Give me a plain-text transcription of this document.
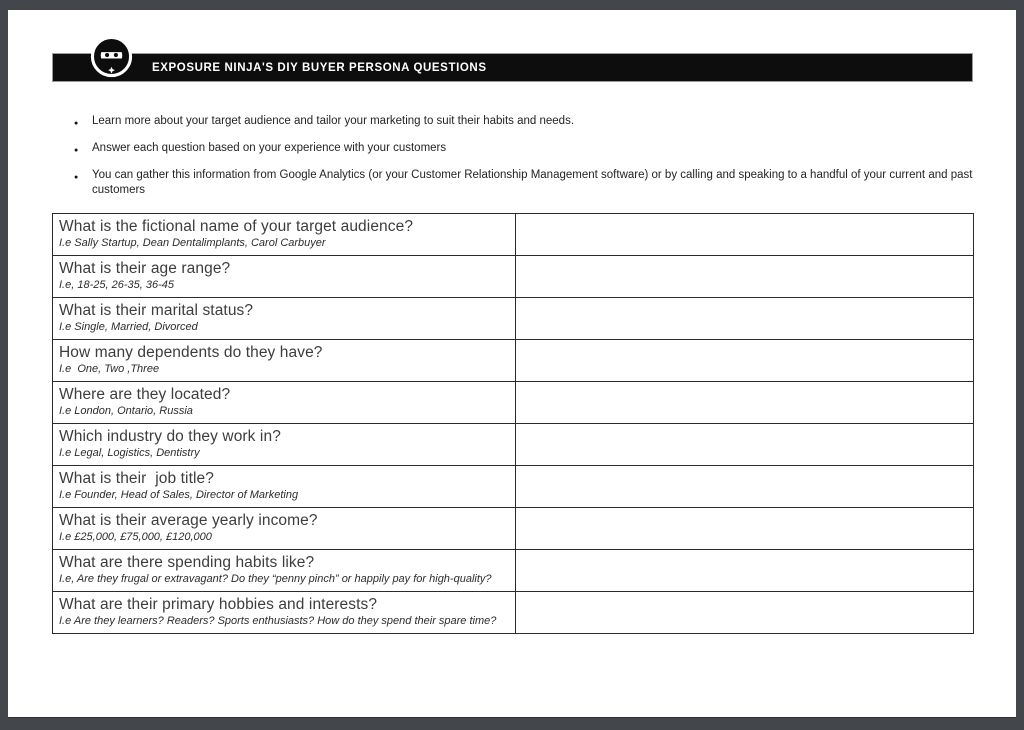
EXPOSURE NINJA'S DIY BUYER PERSONA QUESTIONS
● Learn more about your target audience and tailor your marketing to suit their habits and needs.
● Answer each question based on your experience with your customers
● You can gather this information from Google Analytics (or your Customer Relationship Management software) or by calling and speaking to a handful of your current and past customers
What is the fictional name of your target audience?
I.e Sally Startup, Dean Dentalimplants, Carol Carbuyer	

What is their age range?
I.e, 18-25, 26-35, 36-45	

What is their marital status?
I.e Single, Married, Divorced	

How many dependents do they have?
I.e  One, Two ,Three	

Where are they located?
I.e London, Ontario, Russia	

Which industry do they work in?
I.e Legal, Logistics, Dentistry	

What is their  job title?
I.e Founder, Head of Sales, Director of Marketing	

What is their average yearly income?
I.e £25,000, £75,000, £120,000	

What are there spending habits like?
I.e, Are they frugal or extravagant? Do they “penny pinch” or happily pay for high-quality?	

What are their primary hobbies and interests?
I.e Are they learners? Readers? Sports enthusiasts? How do they spend their spare time?	
